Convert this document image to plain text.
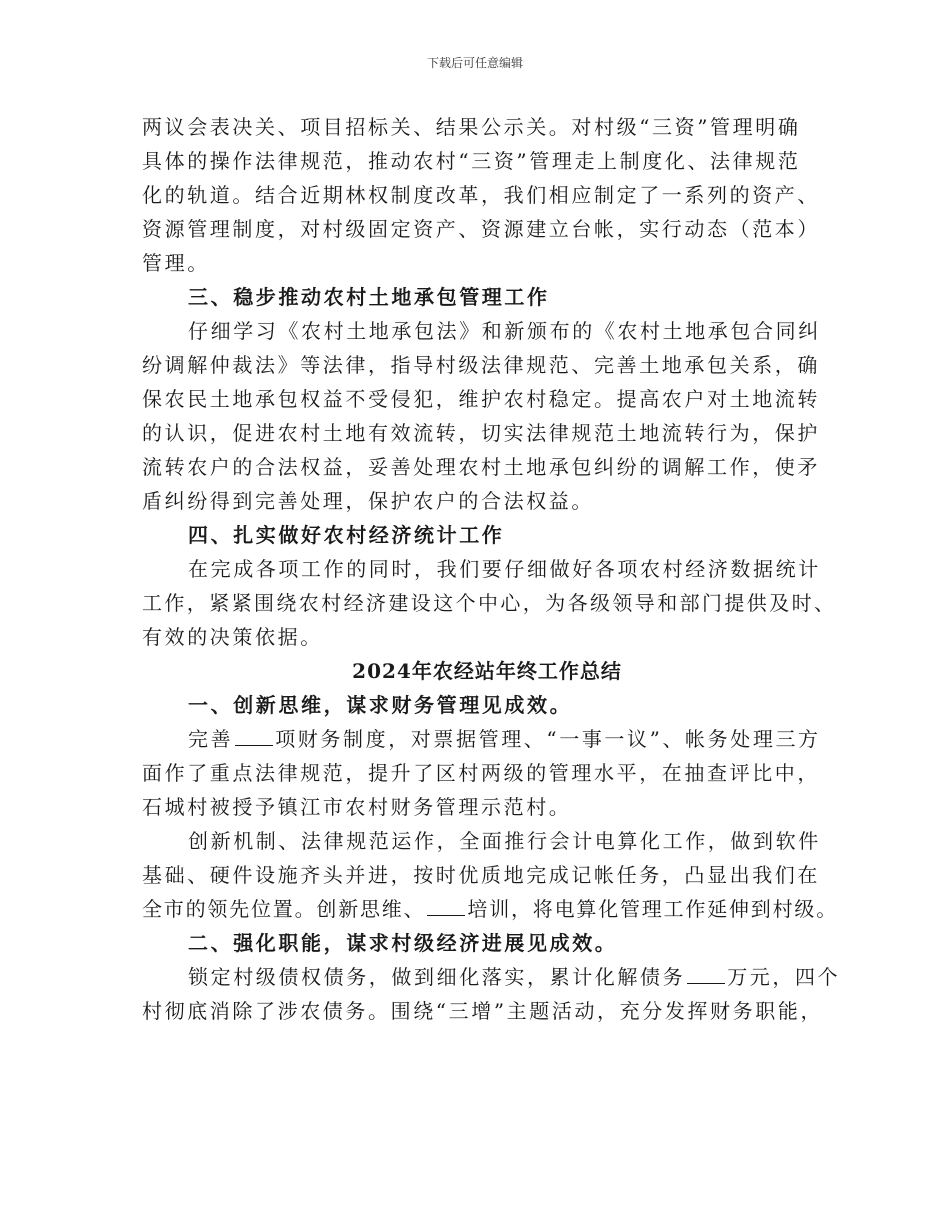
下载后可任意编辑
两议会表决关、项目招标关、结果公示关。对村级“三资”管理明确
具体的操作法律规范，推动农村“三资”管理走上制度化、法律规范
化的轨道。结合近期林权制度改革，我们相应制定了一系列的资产、
资源管理制度，对村级固定资产、资源建立台帐，实行动态（范本）
管理。
三、稳步推动农村土地承包管理工作
仔细学习《农村土地承包法》和新颁布的《农村土地承包合同纠
纷调解仲裁法》等法律，指导村级法律规范、完善土地承包关系，确
保农民土地承包权益不受侵犯，维护农村稳定。提高农户对土地流转
的认识，促进农村土地有效流转，切实法律规范土地流转行为，保护
流转农户的合法权益，妥善处理农村土地承包纠纷的调解工作，使矛
盾纠纷得到完善处理，保护农户的合法权益。
四、扎实做好农村经济统计工作
在完成各项工作的同时，我们要仔细做好各项农村经济数据统计
工作，紧紧围绕农村经济建设这个中心，为各级领导和部门提供及时、
有效的决策依据。
2024年农经站年终工作总结
一、创新思维，谋求财务管理见成效。
完善 项财务制度，对票据管理、“一事一议”、帐务处理三方
面作了重点法律规范，提升了区村两级的管理水平，在抽查评比中，
石城村被授予镇江市农村财务管理示范村。
创新机制、法律规范运作，全面推行会计电算化工作，做到软件
基础、硬件设施齐头并进，按时优质地完成记帐任务，凸显出我们在
全市的领先位置。创新思维、 培训，将电算化管理工作延伸到村级。
二、强化职能，谋求村级经济进展见成效。
锁定村级债权债务，做到细化落实，累计化解债务 万元，四个
村彻底消除了涉农债务。围绕“三增”主题活动，充分发挥财务职能，
